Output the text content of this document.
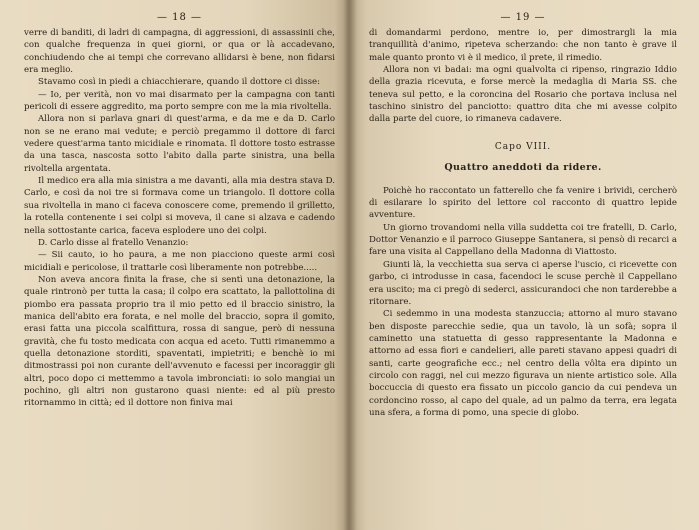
— 18 —

verre di banditi, di ladri di campagna, di aggressioni, di assassinii che, con qualche frequenza in quei giorni, or qua or là accadevano, conchiudendo che ai tempi che correvano allidarsi è bene, non fidarsi era meglio.

Stavamo così in piedi a chiacchierare, quando il dottore ci disse:

— Io, per verità, non vo mai disarmato per la campagna con tanti pericoli di essere aggredito, ma porto sempre con me la mia rivoltella.

Allora non si parlava gnari di quest'arma, e da me e da D. Carlo non se ne erano mai vedute; e perciò pregammo il dottore di farci vedere quest'arma tanto micidiale e rinomata. Il dottore tosto estrasse da una tasca, nascosta sotto l'abito dalla parte sinistra, una bella rivoltella argentata.

Il medico era alla mia sinistra a me davanti, alla mia destra stava D. Carlo, e così da noi tre si formava come un triangolo. Il dottore colla sua rivoltella in mano ci faceva conoscere come, premendo il grilletto, la rotella contenente i sei colpi si moveva, il cane si alzava e cadendo nella sottostante carica, faceva esplodere uno dei colpi.

D. Carlo disse al fratello Venanzio:

— Sii cauto, io ho paura, a me non piacciono queste armi così micidiali e pericolose, il trattarle così liberamente non potrebbe.....

Non aveva ancora finita la frase, che si sentì una detonazione, la quale rintronò per tutta la casa; il colpo era scattato, la pallottolina di piombo era passata proprio tra il mio petto ed il braccio sinistro, la manica dell'abito era forata, e nel molle del braccio, sopra il gomito, erasi fatta una piccola scalfittura, rossa di sangue, però di nessuna gravità, che fu tosto medicata con acqua ed aceto. Tutti rimanemmo a quella detonazione storditi, spaventati, impietriti; e benchè io mi ditmostrassi poi non curante dell'avvenuto e facessi per incoraggir gli altri, poco dopo ci mettemmo a tavola imbronciati: io solo mangiai un pochino, gli altri non gustarono quasi niente: ed al più presto ritornammo in città; ed il dottore non finiva mai

— 19 —

di domandarmi perdono, mentre io, per dimostrargli la mia tranquillità d'animo, ripeteva scherzando: che non tanto è grave il male quanto pronto vi è il medico, il prete, il rimedio.

Allora non vi badai: ma ogni qualvolta ci ripenso, ringrazio Iddio della grazia ricevuta, e forse mercè la medaglia di Maria SS. che teneva sul petto, e la coroncina del Rosario che portava inclusa nel taschino sinistro del panciotto: quattro dita che mi avesse colpito dalla parte del cuore, io rimaneva cadavere.

Capo VIII.
Quattro aneddoti da ridere.

Poichè ho raccontato un fatterello che fa venire i brividi, cercherò di esilarare lo spirito del lettore col racconto di quattro lepide avventure.

Un giorno trovandomi nella villa suddetta coi tre fratelli, D. Carlo, Dottor Venanzio e il parroco Giuseppe Santanera, si pensò di recarci a fare una visita al Cappellano della Madonna di Viattosto.

Giunti là, la vecchietta sua serva ci aperse l'uscio, ci ricevette con garbo, ci introdusse in casa, facendoci le scuse perchè il Cappellano era uscito; ma ci pregò di sederci, assicurandoci che non tarderebbe a ritornare.

Ci sedemmo in una modesta stanzuccia; attorno al muro stavano ben disposte parecchie sedie, qua un tavolo, là un sofà; sopra il caminetto una statuetta di gesso rappresentante la Madonna e attorno ad essa fiori e candelieri, alle pareti stavano appesi quadri di santi, carte geografiche ecc.; nel centro della vôlta era dipinto un circolo con raggi, nel cui mezzo figurava un niente artistico sole. Alla boccuccia di questo era fissato un piccolo gancio da cui pendeva un cordoncino rosso, al capo del quale, ad un palmo da terra, era legata una sfera, a forma di pomo, una specie di globo.
